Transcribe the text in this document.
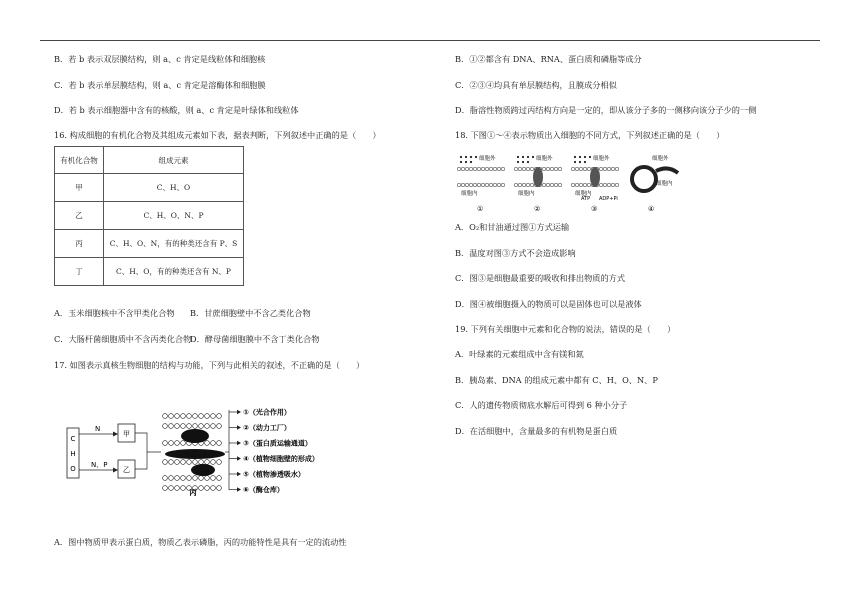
B．若 b 表示双层膜结构，则 a、c 肯定是线粒体和细胞核
C．若 b 表示单层膜结构，则 a、c 肯定是溶酶体和细胞膜
D．若 b 表示细胞器中含有的核酸，则 a、c 肯定是叶绿体和线粒体
16. 构成细胞的有机化合物及其组成元素如下表，据表判断，下列叙述中正确的是（　　）
有机化合物	组成元素
甲	C、H、O
乙	C、H、O、N、P
丙	C、H、O、N，有的种类还含有 P、S
丁	C、H、O，有的种类还含有 N、P
A．玉米细胞核中不含甲类化合物 B．甘蔗细胞壁中不含乙类化合物
C．大肠杆菌细胞质中不含丙类化合物
D．酵母菌细胞膜中不含丁类化合物
17. 如图表示真核生物细胞的结构与功能，下列与此相关的叙述，不正确的是（　　）
C
H
O
N
N、P
甲
乙
丙
①（光合作用）
②（动力工厂）
③（蛋白质运输通道）
④（植物细胞壁的形成）
⑤（植物渗透吸水）
⑥（酶仓库）
A．图中物质甲表示蛋白质，物质乙表示磷脂，丙的功能特性是具有一定的流动性
B．①②都含有 DNA、RNA、蛋白质和磷脂等成分
C．②③④均具有单层膜结构，且膜成分相似
D．脂溶性物质跨过丙结构方向是一定的，即从该分子多的一侧移向该分子少的一侧
18. 下图①～④表示物质出入细胞的不同方式，下列叙述正确的是（　　）
细胞外
细胞内
①
细胞外
细胞内
②
细胞外
细胞内
ATP ADP+Pi
③
细胞外
细胞内
④
A．O₂和甘油通过图①方式运输
B．温度对图③方式不会造成影响
C．图③是细胞最重要的吸收和排出物质的方式
D．图④被细胞摄入的物质可以是固体也可以是液体
19. 下列有关细胞中元素和化合物的说法，错误的是（　　）
A．叶绿素的元素组成中含有镁和氮
B．胰岛素、DNA 的组成元素中都有 C、H、O、N、P
C．人的遗传物质彻底水解后可得到 6 种小分子
D．在活细胞中，含量最多的有机物是蛋白质
